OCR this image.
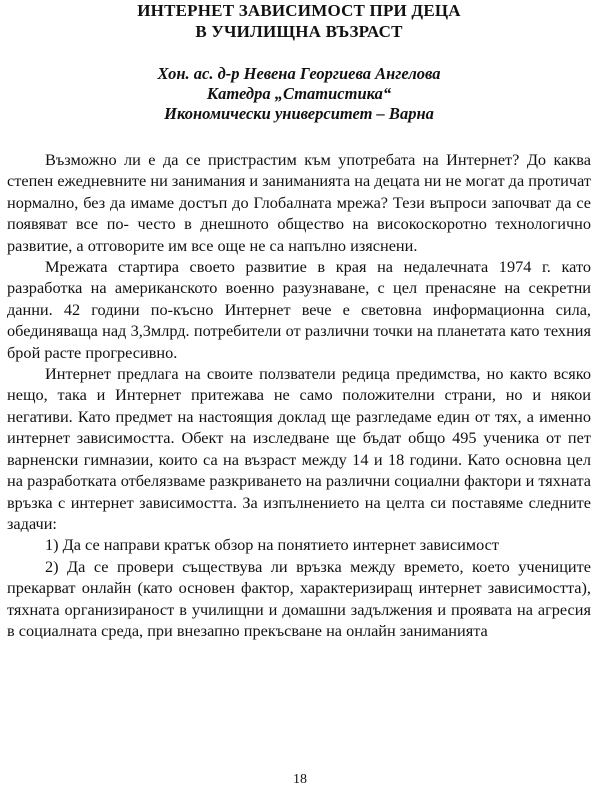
ИНТЕРНЕТ ЗАВИСИМОСТ ПРИ ДЕЦА

В УЧИЛИЩНА ВЪЗРАСТ

Хон. ас. д-р Невена Георгиева Ангелова
Катедра „Статистика“
Икономически университет – Варна

Възможно ли е да се пристрастим към употребата на Интернет? До каква степен ежедневните ни занимания и заниманията на децата ни не могат да протичат нормално, без да имаме достъп до Глобалната мрежа? Тези въпроси започват да се появяват все по- често в днешното общество на високоскоротно технологично развитие, а отговорите им все още не са напълно изяснени.

Мрежата стартира своето развитие в края на недалечната 1974 г. като разработка на американското военно разузнаване, с цел пренасяне на секретни данни. 42 години по-късно Интернет вече е световна информационна сила, обединяваща над 3,3млрд. потребители от различни точки на планетата като техния брой расте прогресивно.

Интернет предлага на своите ползватели редица предимства, но както всяко нещо, така и Интернет притежава не само положителни страни, но и някои негативи. Като предмет на настоящия доклад ще разгледаме един от тях, а именно интернет зависимостта. Обект на изследване ще бъдат общо 495 ученика от пет варненски гимназии, които са на възраст между 14 и 18 години. Като основна цел на разработката отбелязваме разкриването на различни социални фактори и тяхната връзка с интернет зависимостта. За изпълнението на целта си поставяме следните задачи:

1) Да се направи кратък обзор на понятието интернет зависимост

2) Да се провери съществува ли връзка между времето, което учениците прекарват онлайн (като основен фактор, характеризиращ интернет зависимостта), тяхната организираност в училищни и домашни задължения и проявата на агресия в социалната среда, при внезапно прекъсване на онлайн заниманията

18
